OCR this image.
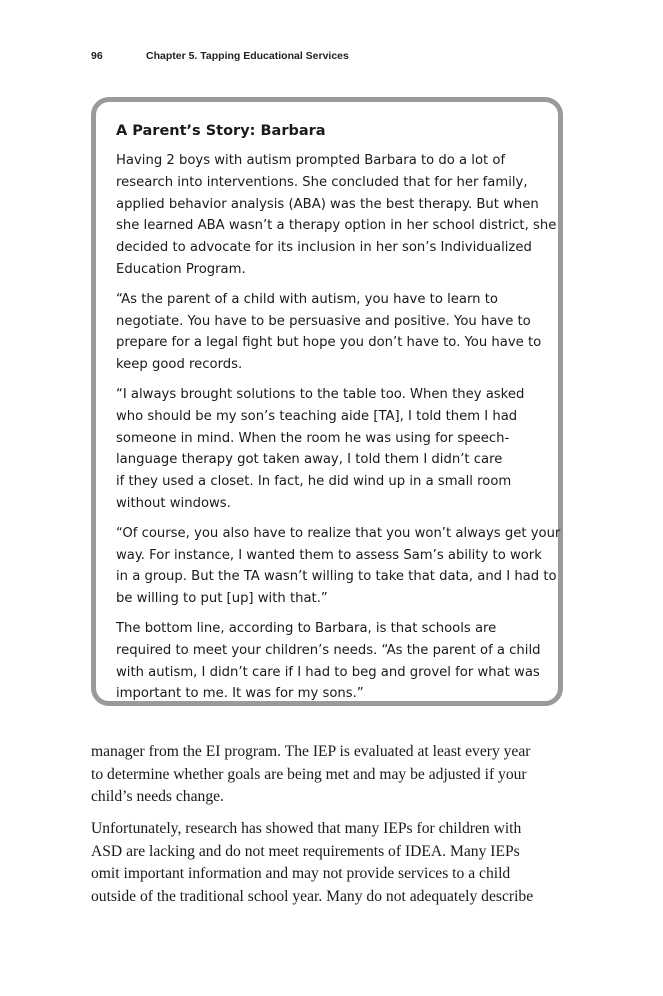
96	Chapter 5. Tapping Educational Services
A Parent’s Story: Barbara

Having 2 boys with autism prompted Barbara to do a lot of
research into interventions. She concluded that for her family,
applied behavior analysis (ABA) was the best therapy. But when
she learned ABA wasn’t a therapy option in her school district, she
decided to advocate for its inclusion in her son’s Individualized
Education Program.

“As the parent of a child with autism, you have to learn to
negotiate. You have to be persuasive and positive. You have to
prepare for a legal fight but hope you don’t have to. You have to
keep good records.

“I always brought solutions to the table too. When they asked
who should be my son’s teaching aide [TA], I told them I had
someone in mind. When the room he was using for speech-
language therapy got taken away, I told them I didn’t care
if they used a closet. In fact, he did wind up in a small room
without windows.

“Of course, you also have to realize that you won’t always get your
way. For instance, I wanted them to assess Sam’s ability to work
in a group. But the TA wasn’t willing to take that data, and I had to
be willing to put [up] with that.”

The bottom line, according to Barbara, is that schools are
required to meet your children’s needs. “As the parent of a child
with autism, I didn’t care if I had to beg and grovel for what was
important to me. It was for my sons.”

manager from the EI program. The IEP is evaluated at least every year
to determine whether goals are being met and may be adjusted if your
child’s needs change.

Unfortunately, research has showed that many IEPs for children with
ASD are lacking and do not meet requirements of IDEA. Many IEPs
omit important information and may not provide services to a child
outside of the traditional school year. Many do not adequately describe
